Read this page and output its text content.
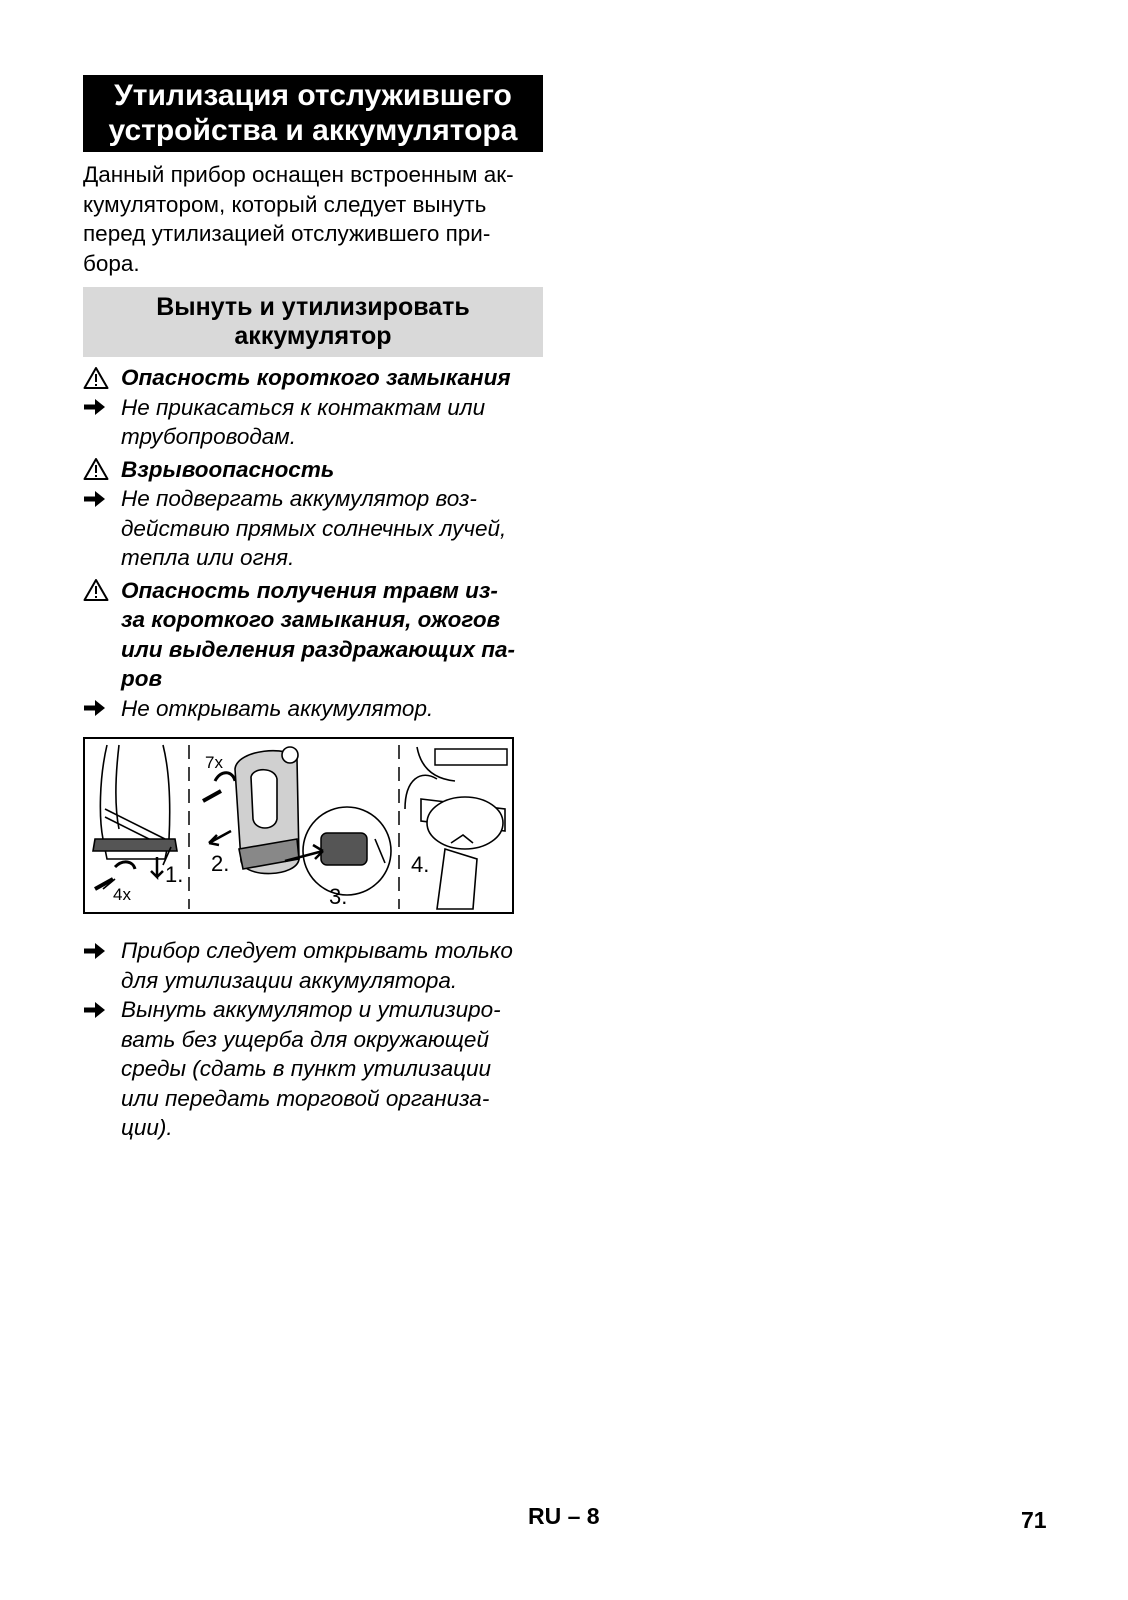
Утилизация отслужившего
устройства и аккумулятора
Данный прибор оснащен встроенным ак-
кумулятором, который следует вынуть
перед утилизацией отслужившего при-
бора.
Вынуть и утилизировать
аккумулятор
Опасность короткого замыкания
Не прикасаться к контактам или
трубопроводам.
Взрывоопасность
Не подвергать аккумулятор воз-
действию прямых солнечных лучей,
тепла или огня.
Опасность получения травм из-
за короткого замыкания, ожогов
или выделения раздражающих па-
ров
Не открывать аккумулятор.
7x
4x
1. 2.
3.
4.
Прибор следует открывать только
для утилизации аккумулятора.
Вынуть аккумулятор и утилизиро-
вать без ущерба для окружающей
среды (сдать в пункт утилизации
или передать торговой организа-
ции).
RU – 8	71
